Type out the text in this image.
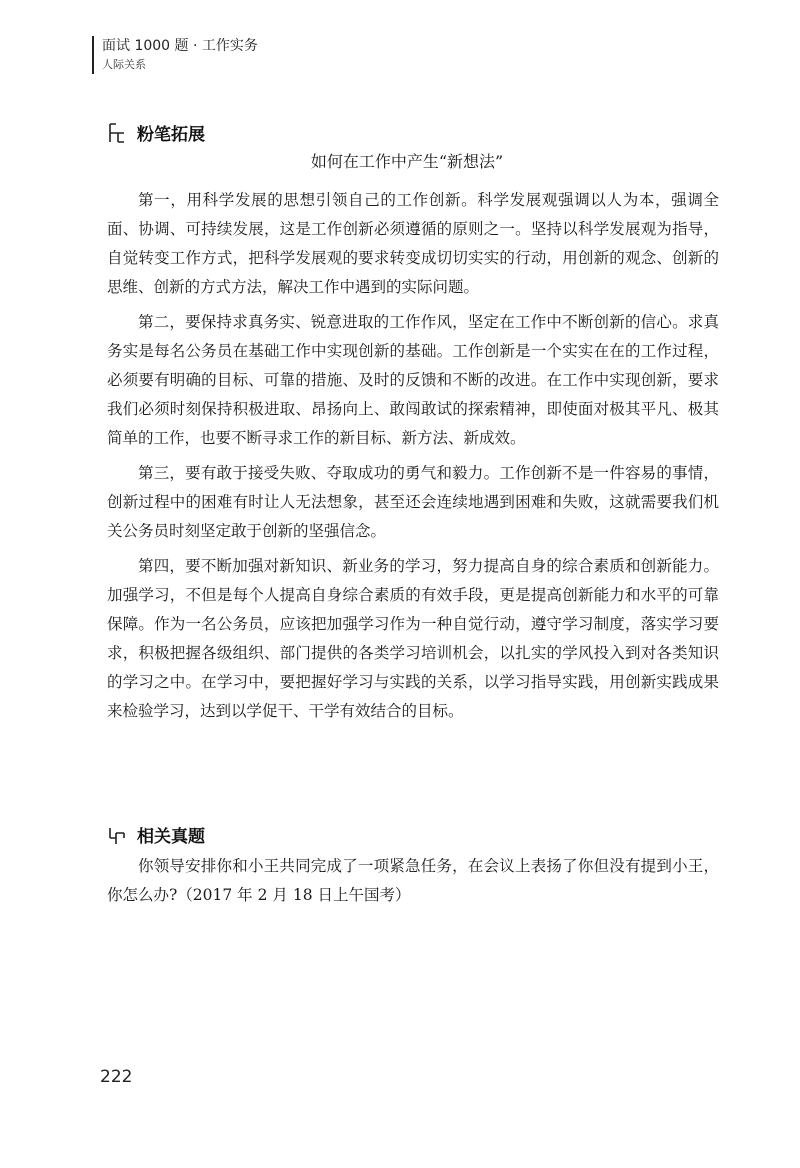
面试 1000 题 · 工作实务
人际关系
粉笔拓展
如何在工作中产生“新想法”

第一，用科学发展的思想引领自己的工作创新。科学发展观强调以人为本，强调全面、协调、可持续发展，这是工作创新必须遵循的原则之一。坚持以科学发展观为指导，自觉转变工作方式，把科学发展观的要求转变成切切实实的行动，用创新的观念、创新的思维、创新的方式方法，解决工作中遇到的实际问题。

第二，要保持求真务实、锐意进取的工作作风，坚定在工作中不断创新的信心。求真务实是每名公务员在基础工作中实现创新的基础。工作创新是一个实实在在的工作过程，必须要有明确的目标、可靠的措施、及时的反馈和不断的改进。在工作中实现创新，要求我们必须时刻保持积极进取、昂扬向上、敢闯敢试的探索精神，即使面对极其平凡、极其简单的工作，也要不断寻求工作的新目标、新方法、新成效。

第三，要有敢于接受失败、夺取成功的勇气和毅力。工作创新不是一件容易的事情，创新过程中的困难有时让人无法想象，甚至还会连续地遇到困难和失败，这就需要我们机关公务员时刻坚定敢于创新的坚强信念。

第四，要不断加强对新知识、新业务的学习，努力提高自身的综合素质和创新能力。加强学习，不但是每个人提高自身综合素质的有效手段，更是提高创新能力和水平的可靠保障。作为一名公务员，应该把加强学习作为一种自觉行动，遵守学习制度，落实学习要求，积极把握各级组织、部门提供的各类学习培训机会，以扎实的学风投入到对各类知识的学习之中。在学习中，要把握好学习与实践的关系，以学习指导实践，用创新实践成果来检验学习，达到以学促干、干学有效结合的目标。

相关真题

你领导安排你和小王共同完成了一项紧急任务，在会议上表扬了你但没有提到小王，你怎么办?（2017 年 2 月 18 日上午国考）

222
